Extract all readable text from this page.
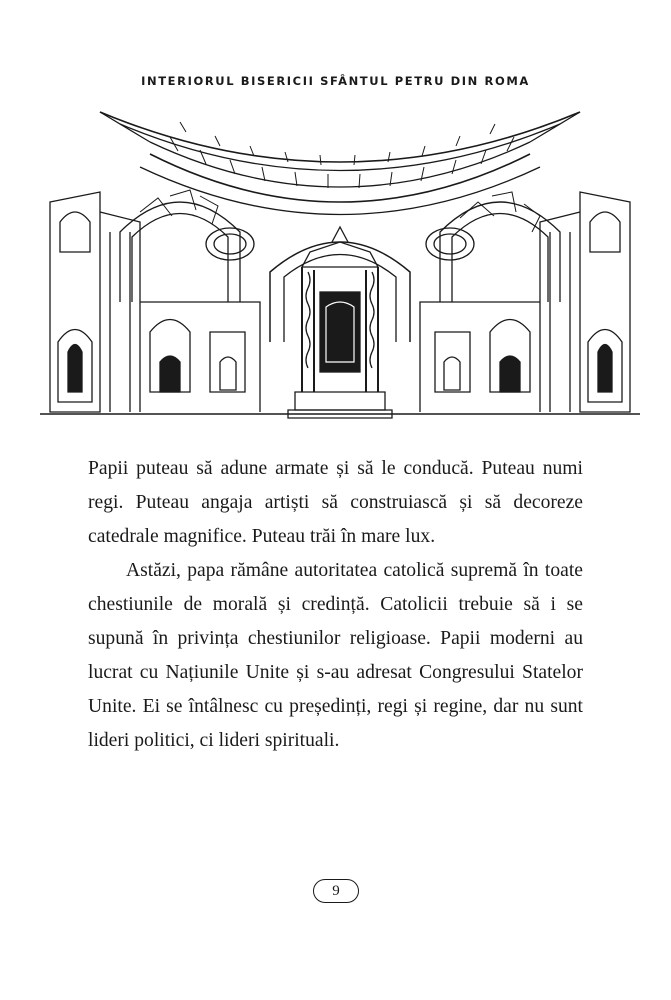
INTERIORUL BISERICII SFÂNTUL PETRU DIN ROMA

Papii puteau să adune armate și să le conducă. Puteau numi regi. Puteau angaja artiști să construiască și să decoreze catedrale magnifice. Puteau trăi în mare lux.

Astăzi, papa rămâne autoritatea catolică supremă în toate chestiunile de morală și credință. Catolicii trebuie să i se supună în privința chestiunilor religioase. Papii moderni au lucrat cu Națiunile Unite și s-au adresat Congresului Statelor Unite. Ei se întâlnesc cu președinți, regi și regine, dar nu sunt lideri politici, ci lideri spirituali.

9
